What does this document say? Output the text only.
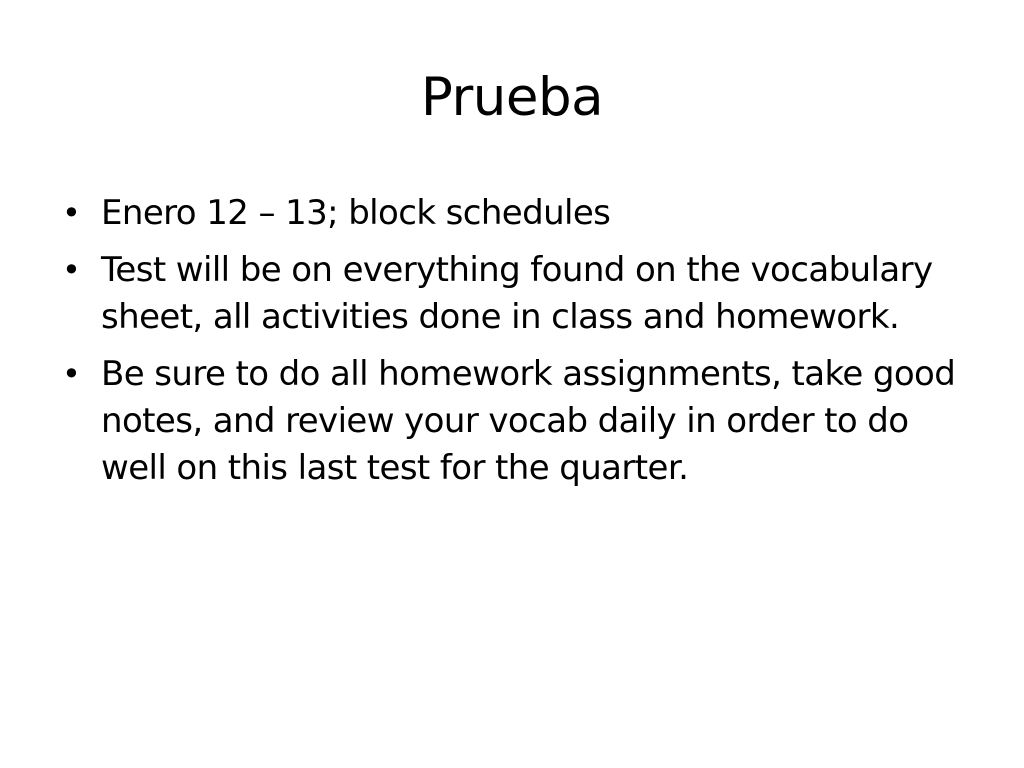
Prueba
• Enero 12 – 13; block schedules
• Test will be on everything found on the vocabulary sheet, all activities done in class and homework.
• Be sure to do all homework assignments, take good notes, and review your vocab daily in order to do well on this last test for the quarter.
